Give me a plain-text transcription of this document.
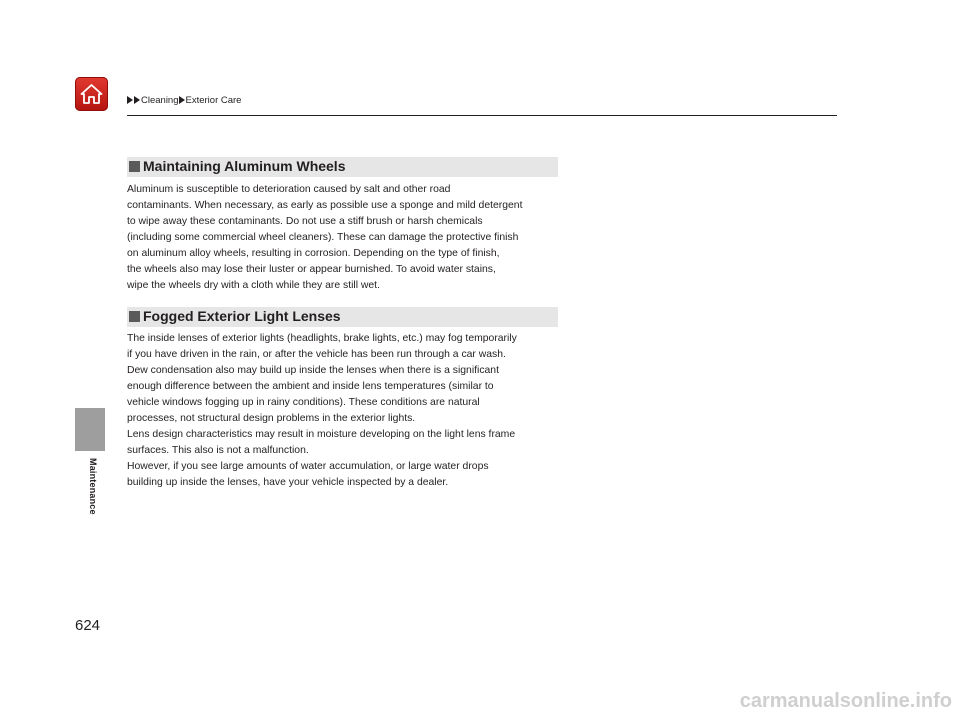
Cleaning Exterior Care
Maintenance
Maintaining Aluminum Wheels
Aluminum is susceptible to deterioration caused by salt and other road
contaminants. When necessary, as early as possible use a sponge and mild detergent
to wipe away these contaminants. Do not use a stiff brush or harsh chemicals
(including some commercial wheel cleaners). These can damage the protective finish
on aluminum alloy wheels, resulting in corrosion. Depending on the type of finish,
the wheels also may lose their luster or appear burnished. To avoid water stains,
wipe the wheels dry with a cloth while they are still wet.
Fogged Exterior Light Lenses
The inside lenses of exterior lights (headlights, brake lights, etc.) may fog temporarily
if you have driven in the rain, or after the vehicle has been run through a car wash.
Dew condensation also may build up inside the lenses when there is a significant
enough difference between the ambient and inside lens temperatures (similar to
vehicle windows fogging up in rainy conditions). These conditions are natural
processes, not structural design problems in the exterior lights.
Lens design characteristics may result in moisture developing on the light lens frame
surfaces. This also is not a malfunction.
However, if you see large amounts of water accumulation, or large water drops
building up inside the lenses, have your vehicle inspected by a dealer.
624
carmanualsonline.info
